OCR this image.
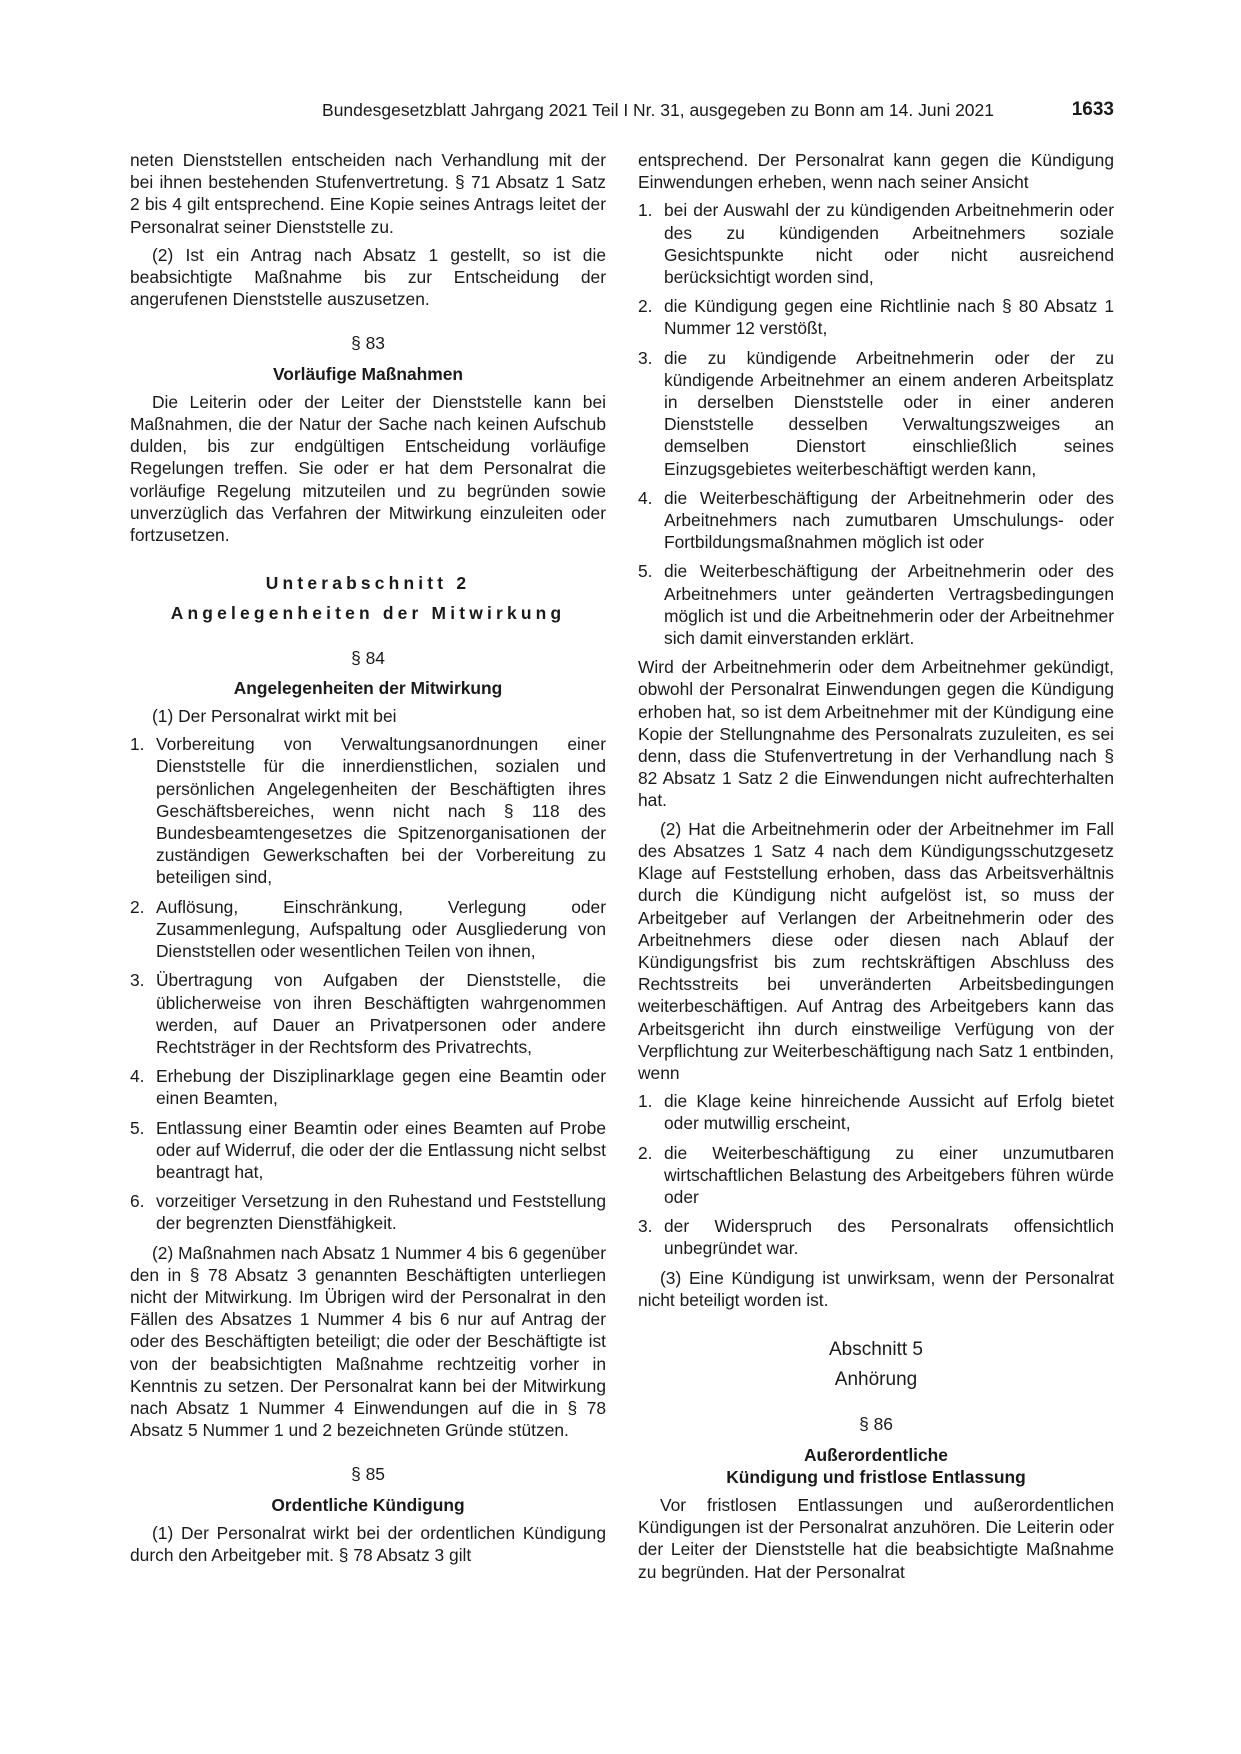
Bundesgesetzblatt Jahrgang 2021 Teil I Nr. 31, ausgegeben zu Bonn am 14. Juni 2021	1633

neten Dienststellen entscheiden nach Verhandlung mit der bei ihnen bestehenden Stufenvertretung. § 71 Absatz 1 Satz 2 bis 4 gilt entsprechend. Eine Kopie seines Antrags leitet der Personalrat seiner Dienststelle zu.

(2) Ist ein Antrag nach Absatz 1 gestellt, so ist die beabsichtigte Maßnahme bis zur Entscheidung der angerufenen Dienststelle auszusetzen.

§ 83
Vorläufige Maßnahmen

Die Leiterin oder der Leiter der Dienststelle kann bei Maßnahmen, die der Natur der Sache nach keinen Aufschub dulden, bis zur endgültigen Entscheidung vorläufige Regelungen treffen. Sie oder er hat dem Personalrat die vorläufige Regelung mitzuteilen und zu begründen sowie unverzüglich das Verfahren der Mitwirkung einzuleiten oder fortzusetzen.

Unterabschnitt 2
Angelegenheiten der Mitwirkung
§ 84
Angelegenheiten der Mitwirkung

(1) Der Personalrat wirkt mit bei

1. Vorbereitung von Verwaltungsanordnungen einer Dienststelle für die innerdienstlichen, sozialen und persönlichen Angelegenheiten der Beschäftigten ihres Geschäftsbereiches, wenn nicht nach § 118 des Bundesbeamtengesetzes die Spitzenorganisationen der zuständigen Gewerkschaften bei der Vorbereitung zu beteiligen sind,
2. Auflösung, Einschränkung, Verlegung oder Zusammenlegung, Aufspaltung oder Ausgliederung von Dienststellen oder wesentlichen Teilen von ihnen,
3. Übertragung von Aufgaben der Dienststelle, die üblicherweise von ihren Beschäftigten wahrgenommen werden, auf Dauer an Privatpersonen oder andere Rechtsträger in der Rechtsform des Privatrechts,
4. Erhebung der Disziplinarklage gegen eine Beamtin oder einen Beamten,
5. Entlassung einer Beamtin oder eines Beamten auf Probe oder auf Widerruf, die oder der die Entlassung nicht selbst beantragt hat,
6. vorzeitiger Versetzung in den Ruhestand und Feststellung der begrenzten Dienstfähigkeit.

(2) Maßnahmen nach Absatz 1 Nummer 4 bis 6 gegenüber den in § 78 Absatz 3 genannten Beschäftigten unterliegen nicht der Mitwirkung. Im Übrigen wird der Personalrat in den Fällen des Absatzes 1 Nummer 4 bis 6 nur auf Antrag der oder des Beschäftigten beteiligt; die oder der Beschäftigte ist von der beabsichtigten Maßnahme rechtzeitig vorher in Kenntnis zu setzen. Der Personalrat kann bei der Mitwirkung nach Absatz 1 Nummer 4 Einwendungen auf die in § 78 Absatz 5 Nummer 1 und 2 bezeichneten Gründe stützen.

§ 85
Ordentliche Kündigung

(1) Der Personalrat wirkt bei der ordentlichen Kündigung durch den Arbeitgeber mit. § 78 Absatz 3 gilt

entsprechend. Der Personalrat kann gegen die Kündigung Einwendungen erheben, wenn nach seiner Ansicht

1. bei der Auswahl der zu kündigenden Arbeitnehmerin oder des zu kündigenden Arbeitnehmers soziale Gesichtspunkte nicht oder nicht ausreichend berücksichtigt worden sind,
2. die Kündigung gegen eine Richtlinie nach § 80 Absatz 1 Nummer 12 verstößt,
3. die zu kündigende Arbeitnehmerin oder der zu kündigende Arbeitnehmer an einem anderen Arbeitsplatz in derselben Dienststelle oder in einer anderen Dienststelle desselben Verwaltungszweiges an demselben Dienstort einschließlich seines Einzugsgebietes weiterbeschäftigt werden kann,
4. die Weiterbeschäftigung der Arbeitnehmerin oder des Arbeitnehmers nach zumutbaren Umschulungs- oder Fortbildungsmaßnahmen möglich ist oder
5. die Weiterbeschäftigung der Arbeitnehmerin oder des Arbeitnehmers unter geänderten Vertragsbedingungen möglich ist und die Arbeitnehmerin oder der Arbeitnehmer sich damit einverstanden erklärt.

Wird der Arbeitnehmerin oder dem Arbeitnehmer gekündigt, obwohl der Personalrat Einwendungen gegen die Kündigung erhoben hat, so ist dem Arbeitnehmer mit der Kündigung eine Kopie der Stellungnahme des Personalrats zuzuleiten, es sei denn, dass die Stufenvertretung in der Verhandlung nach § 82 Absatz 1 Satz 2 die Einwendungen nicht aufrechterhalten hat.

(2) Hat die Arbeitnehmerin oder der Arbeitnehmer im Fall des Absatzes 1 Satz 4 nach dem Kündigungsschutzgesetz Klage auf Feststellung erhoben, dass das Arbeitsverhältnis durch die Kündigung nicht aufgelöst ist, so muss der Arbeitgeber auf Verlangen der Arbeitnehmerin oder des Arbeitnehmers diese oder diesen nach Ablauf der Kündigungsfrist bis zum rechtskräftigen Abschluss des Rechtsstreits bei unveränderten Arbeitsbedingungen weiterbeschäftigen. Auf Antrag des Arbeitgebers kann das Arbeitsgericht ihn durch einstweilige Verfügung von der Verpflichtung zur Weiterbeschäftigung nach Satz 1 entbinden, wenn

1. die Klage keine hinreichende Aussicht auf Erfolg bietet oder mutwillig erscheint,
2. die Weiterbeschäftigung zu einer unzumutbaren wirtschaftlichen Belastung des Arbeitgebers führen würde oder
3. der Widerspruch des Personalrats offensichtlich unbegründet war.

(3) Eine Kündigung ist unwirksam, wenn der Personalrat nicht beteiligt worden ist.

Abschnitt 5
Anhörung
§ 86
Außerordentliche
Kündigung und fristlose Entlassung

Vor fristlosen Entlassungen und außerordentlichen Kündigungen ist der Personalrat anzuhören. Die Leiterin oder der Leiter der Dienststelle hat die beabsichtigte Maßnahme zu begründen. Hat der Personalrat
